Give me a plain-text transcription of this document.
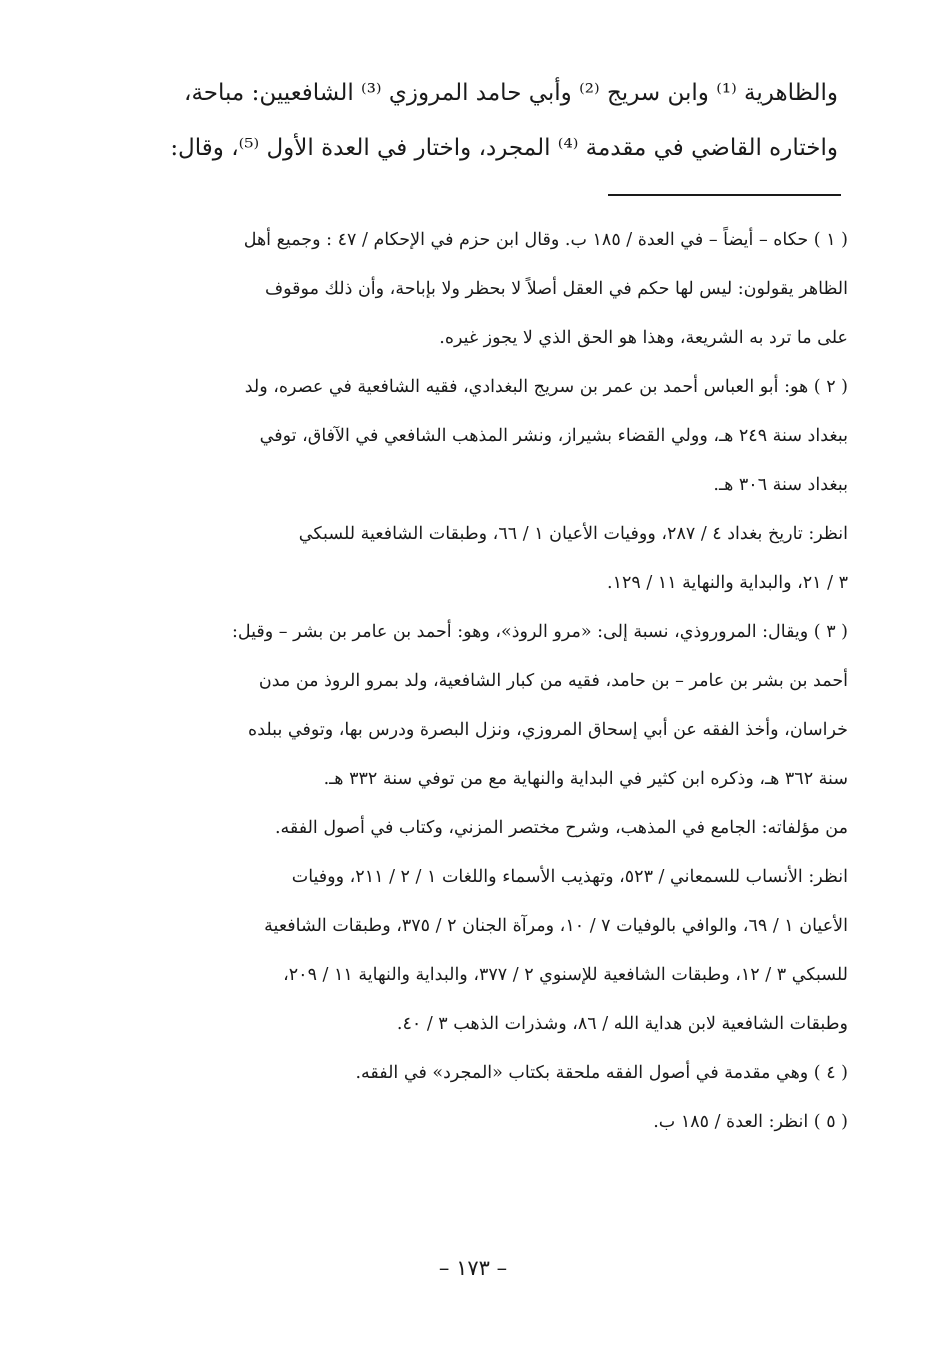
والظاهرية ⁽¹⁾ وابن سريج ⁽²⁾ وأبي حامد المروزي ⁽³⁾ الشافعيين: مباحة،
واختاره القاضي في مقدمة ⁽⁴⁾ المجرد، واختار في العدة الأول ⁽⁵⁾، وقال:
( ١ ) حكاه – أيضاً – في العدة / ١٨٥ ب. وقال ابن حزم في الإحكام / ٤٧ : وجميع أهل
الظاهر يقولون: ليس لها حكم في العقل أصلاً لا بحظر ولا بإباحة، وأن ذلك موقوف
على ما ترد به الشريعة، وهذا هو الحق الذي لا يجوز غيره.
( ٢ ) هو: أبو العباس أحمد بن عمر بن سريج البغدادي، فقيه الشافعية في عصره، ولد
ببغداد سنة ٢٤٩ هـ، وولي القضاء بشيراز، ونشر المذهب الشافعي في الآفاق، توفي
ببغداد سنة ٣٠٦ هـ.
انظر: تاريخ بغداد ٤ / ٢٨٧، ووفيات الأعيان ١ / ٦٦، وطبقات الشافعية للسبكي
٣ / ٢١، والبداية والنهاية ١١ / ١٢٩.
( ٣ ) ويقال: المروروذي، نسبة إلى: «مرو الروذ»، وهو: أحمد بن عامر بن بشر – وقيل:
أحمد بن بشر بن عامر – بن حامد، فقيه من كبار الشافعية، ولد بمرو الروذ من مدن
خراسان، وأخذ الفقه عن أبي إسحاق المروزي، ونزل البصرة ودرس بها، وتوفي ببلده
سنة ٣٦٢ هـ، وذكره ابن كثير في البداية والنهاية مع من توفي سنة ٣٣٢ هـ.
من مؤلفاته: الجامع في المذهب، وشرح مختصر المزني، وكتاب في أصول الفقه.
انظر: الأنساب للسمعاني / ٥٢٣، وتهذيب الأسماء واللغات ١ / ٢ / ٢١١، ووفيات
الأعيان ١ / ٦٩، والوافي بالوفيات ٧ / ١٠، ومرآة الجنان ٢ / ٣٧٥، وطبقات الشافعية
للسبكي ٣ / ١٢، وطبقات الشافعية للإسنوي ٢ / ٣٧٧، والبداية والنهاية ١١ / ٢٠٩،
وطبقات الشافعية لابن هداية الله / ٨٦، وشذرات الذهب ٣ / ٤٠.
( ٤ ) وهي مقدمة في أصول الفقه ملحقة بكتاب «المجرد» في الفقه.
( ٥ ) انظر: العدة / ١٨٥ ب.
– ١٧٣ –
